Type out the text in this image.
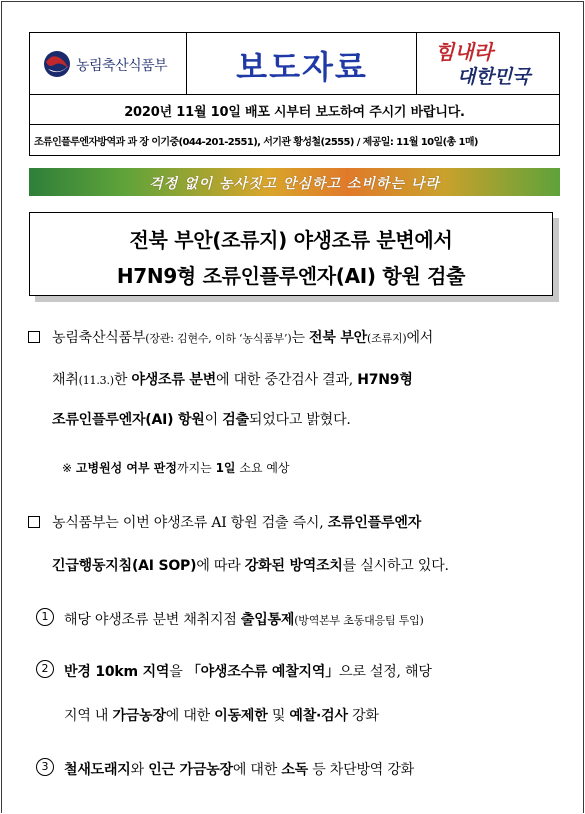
농림축산식품부	보도자료	힘내라
대한민국
2020년 11월 10일 배포 시부터 보도하여 주시기 바랍니다.
조류인플루엔자방역과 과 장 이기중(044-201-2551), 서기관 황성철(2555) / 제공일: 11월 10일(총 1매)
걱정 없이 농사짓고 안심하고 소비하는 나라
전북 부안(조류지) 야생조류 분변에서
H7N9형 조류인플루엔자(AI) 항원 검출
농림축산식품부(장관: 김현수, 이하 ‘농식품부’)는 전북 부안(조류지)에서
채취(11.3.)한 야생조류 분변에 대한 중간검사 결과, H7N9형
조류인플루엔자(AI) 항원이 검출되었다고 밝혔다.
※ 고병원성 여부 판정까지는 1일 소요 예상
농식품부는 이번 야생조류 AI 항원 검출 즉시, 조류인플루엔자
긴급행동지침(AI SOP)에 따라 강화된 방역조치를 실시하고 있다.
1	해당 야생조류 분변 채취지점 출입통제(방역본부 초동대응팀 투입)
2	반경 10km 지역을 「야생조수류 예찰지역」으로 설정, 해당
지역 내 가금농장에 대한 이동제한 및 예찰·검사 강화
3	철새도래지와 인근 가금농장에 대한 소독 등 차단방역 강화
